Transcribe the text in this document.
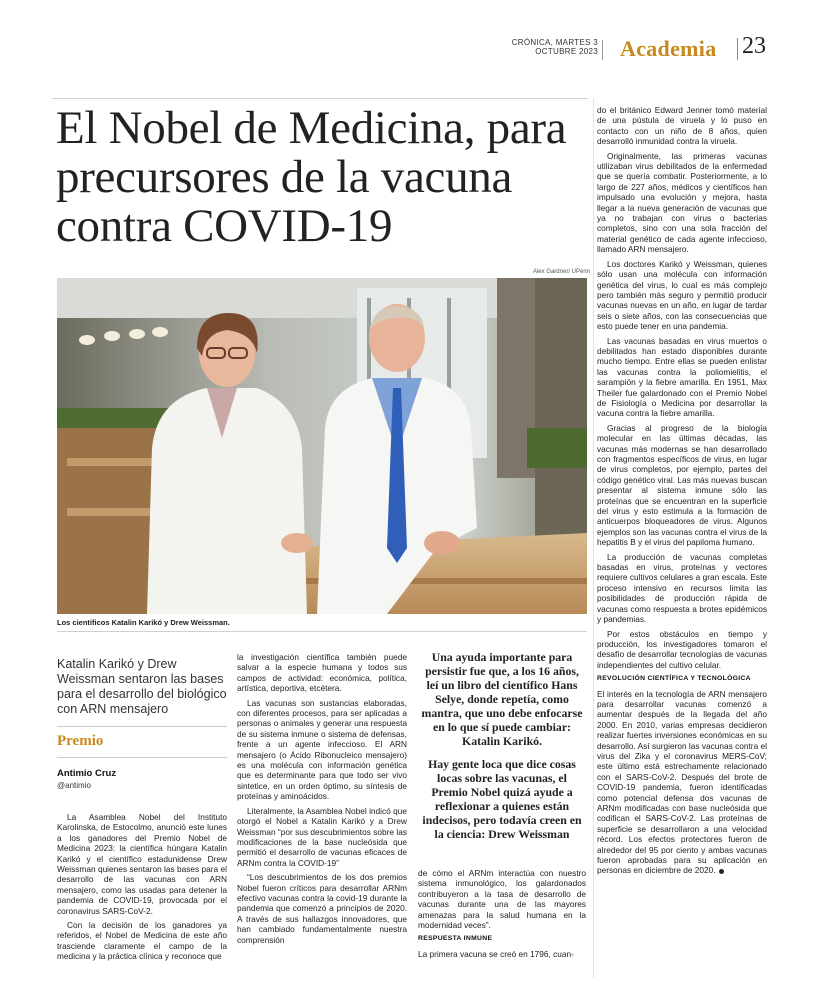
CRÓNICA, MARTES 3 OCTUBRE 2023 Academia 23
El Nobel de Medicina, para precursores de la vacuna contra COVID-19
Alex Gardner/ UPenn
Los científicos Katalin Karikó y Drew Weissman.

Katalin Karikó y Drew Weissman sentaron las bases para el desarrollo del biológico con ARN mensajero

Premio
Antimio Cruz
@antimio

La Asamblea Nobel del Instituto Karolinska, de Estocolmo, anunció este lunes a los ganadores del Premio Nobel de Medicina 2023: la científica húngara Katalin Karikó y el científico estadunidense Drew Weissman quienes sentaron las bases para el desarrollo de las vacunas con ARN mensajero, como las usadas para detener la pandemia de COVID-19, provocada por el coronavirus SARS-CoV-2.

Con la decisión de los ganadores ya referidos, el Nobel de Medicina de este año trasciende claramente el campo de la medicina y la práctica clínica y reconoce que

la investigación científica también puede salvar a la especie humana y todos sus campos de actividad: económica, política, artística, deportiva, etcétera.

Las vacunas son sustancias elaboradas, con diferentes procesos, para ser aplicadas a personas o animales y generar una respuesta de su sistema inmune o sistema de defensas, frente a un agente infeccioso. El ARN mensajero (o Ácido Ribonucleico mensajero) es una molécula con información genética que es determinante para que todo ser vivo sintetice, en un orden óptimo, su síntesis de proteínas y aminoácidos.

Literalmente, la Asamblea Nobel indicó que otorgó el Nobel a Katalin Karikó y a Drew Weissman “por sus descubrimientos sobre las modificaciones de la base nucleósida que permitió el desarrollo de vacunas eficaces de ARNm contra la COVID-19”

“Los descubrimientos de los dos premios Nobel fueron críticos para desarrollar ARNm efectivo vacunas contra la covid-19 durante la pandemia que comenzó a principios de 2020. A través de sus hallazgos innovadores, que han cambiado fundamentalmente nuestra comprensión

Una ayuda importante para persistir fue que, a los 16 años, leí un libro del científico Hans Selye, donde repetía, como mantra, que uno debe enfocarse en lo que sí puede cambiar: Katalin Karikó.
Hay gente loca que dice cosas locas sobre las vacunas, el Premio Nobel quizá ayude a reflexionar a quienes están indecisos, pero todavía creen en la ciencia: Drew Weissman

de cómo el ARNm interactúa con nuestro sistema inmunológico, los galardonados contribuyeron a la tasa de desarrollo de vacunas durante una de las mayores amenazas para la salud humana en la modernidad veces”.

RESPUESTA INMUNE

La primera vacuna se creó en 1796, cuan-

do el británico Edward Jenner tomó material de una pústula de viruela y lo puso en contacto con un niño de 8 años, quien desarrolló inmunidad contra la viruela.

Originalmente, las primeras vacunas utilizaban virus debilitados de la enfermedad que se quería combatir. Posteriormente, a lo largo de 227 años, médicos y científicos han impulsado una evolución y mejora, hasta llegar a la nueva generación de vacunas que ya no trabajan con virus o bacterias completos, sino con una sola fracción del material genético de cada agente infeccioso, llamado ARN mensajero.

Los doctores Karikó y Weissman, quienes sólo usan una molécula con información genética del virus, lo cual es más complejo pero también más seguro y permitió producir vacunas nuevas en un año, en lugar de tardar seis o siete años, con las consecuencias que esto puede tener en una pandemia.

Las vacunas basadas en virus muertos o debilitados han estado disponibles durante mucho tiempo. Entre ellas se pueden enlistar las vacunas contra la poliomielitis, el sarampión y la fiebre amarilla. En 1951, Max Theiler fue galardonado con el Premio Nobel de Fisiología o Medicina por desarrollar la vacuna contra la fiebre amarilla.

Gracias al progreso de la biología molecular en las últimas décadas, las vacunas más modernas se han desarrollado con fragmentos específicos de virus, en lugar de virus completos, por ejemplo, partes del código genético viral. Las más nuevas buscan presentar al sistema inmune sólo las proteínas que se encuentran en la superficie del virus y esto estimula a la formación de anticuerpos bloqueadores de virus. Algunos ejemplos son las vacunas contra el virus de la hepatitis B y el virus del papiloma humano.

La producción de vacunas completas basadas en virus, proteínas y vectores requiere cultivos celulares a gran escala. Este proceso intensivo en recursos limita las posibilidades de producción rápida de vacunas como respuesta a brotes epidémicos y pandemias.

Por estos obstáculos en tiempo y producción, los investigadores tomaron el desafío de desarrollar tecnologías de vacunas independientes del cultivo celular.

REVOLUCIÓN CIENTÍFICA Y TECNOLÓGICA

El interés en la tecnología de ARN mensajero para desarrollar vacunas comenzó a aumentar después de la llegada del año 2000. En 2010, varias empresas decidieron realizar fuertes inversiones económicas en su desarrollo. Así surgieron las vacunas contra el virus del Zika y el coronavirus MERS-CoV; este último está estrechamente relacionado con el SARS-CoV-2. Después del brote de COVID-19 pandemia, fueron identificadas como potencial defensa dos vacunas de ARNm modificadas con base nucleósida que codifican el SARS-CoV-2. Las proteínas de superficie se desarrollaron a una velocidad récord. Los efectos protectores fueron de alrededor del 95 por ciento y ambas vacunas fueron aprobadas para su aplicación en personas en diciembre de 2020.
